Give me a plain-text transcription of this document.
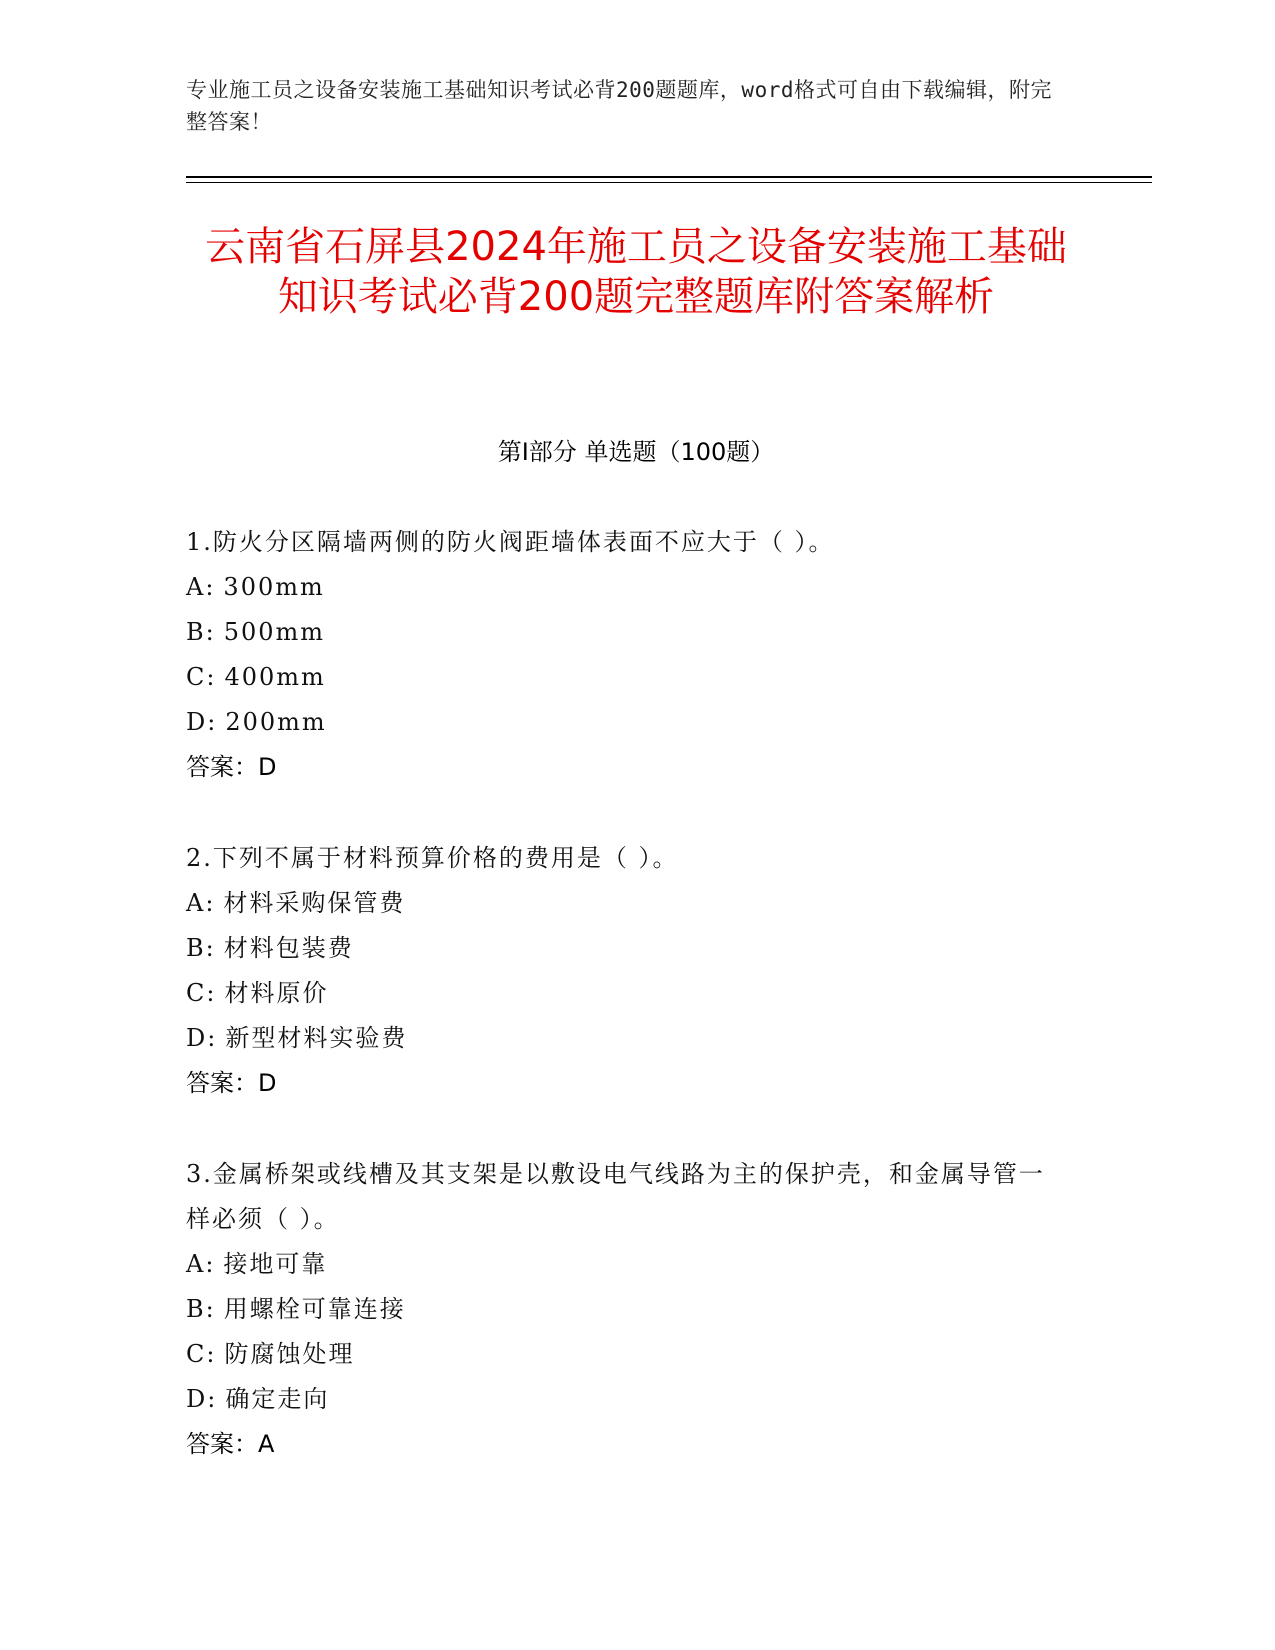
专业施工员之设备安装施工基础知识考试必背200题题库，word格式可自由下载编辑，附完整答案！
云南省石屏县2024年施工员之设备安装施工基础知识考试必背200题完整题库附答案解析
第I部分 单选题（100题）
1.防火分区隔墙两侧的防火阀距墙体表面不应大于（ ）。
A: 300mm
B: 500mm
C: 400mm
D: 200mm
答案：D
2.下列不属于材料预算价格的费用是（ ）。
A: 材料采购保管费
B: 材料包装费
C: 材料原价
D: 新型材料实验费
答案：D
3.金属桥架或线槽及其支架是以敷设电气线路为主的保护壳，和金属导管一样必须（ ）。
A: 接地可靠
B: 用螺栓可靠连接
C: 防腐蚀处理
D: 确定走向
答案：A
